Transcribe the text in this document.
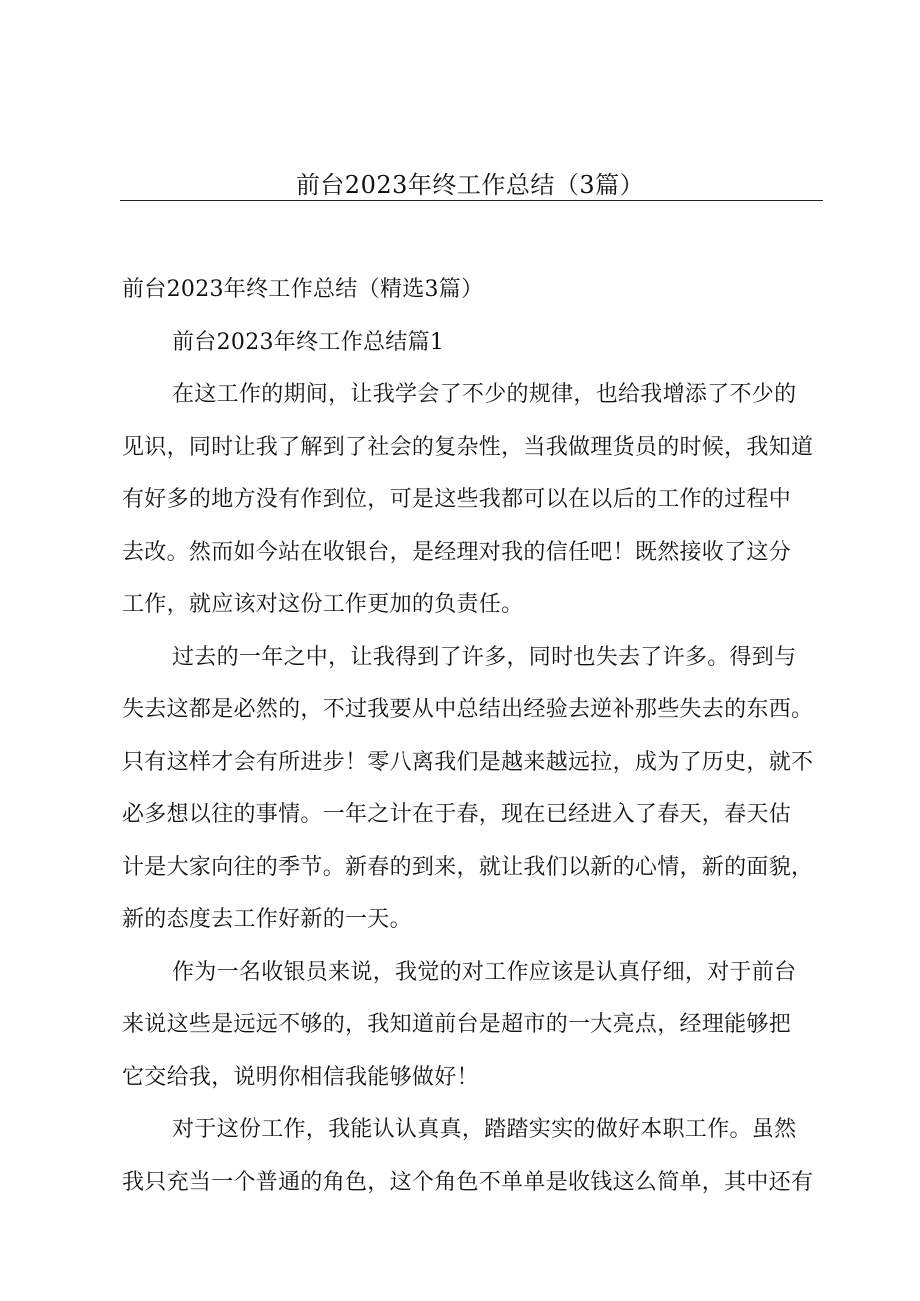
前台2023年终工作总结（3篇）

前台2023年终工作总结（精选3篇）

前台2023年终工作总结篇1

在这工作的期间，让我学会了不少的规律，也给我增添了不少的

见识，同时让我了解到了社会的复杂性，当我做理货员的时候，我知道

有好多的地方没有作到位，可是这些我都可以在以后的工作的过程中

去改。然而如今站在收银台，是经理对我的信任吧！既然接收了这分

工作，就应该对这份工作更加的负责任。

过去的一年之中，让我得到了许多，同时也失去了许多。得到与

失去这都是必然的，不过我要从中总结出经验去逆补那些失去的东西。

只有这样才会有所进步！零八离我们是越来越远拉，成为了历史，就不

必多想以往的事情。一年之计在于春，现在已经进入了春天，春天估

计是大家向往的季节。新春的到来，就让我们以新的心情，新的面貌，

新的态度去工作好新的一天。

作为一名收银员来说，我觉的对工作应该是认真仔细，对于前台

来说这些是远远不够的，我知道前台是超市的一大亮点，经理能够把

它交给我，说明你相信我能够做好！

对于这份工作，我能认认真真，踏踏实实的做好本职工作。虽然

我只充当一个普通的角色，这个角色不单单是收钱这么简单，其中还有
